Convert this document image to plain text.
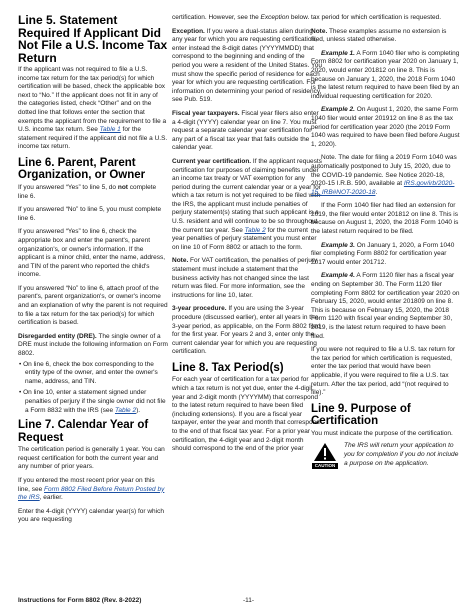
Line 5. Statement Required If Applicant Did Not File a U.S. Income Tax Return

If the applicant was not required to file a U.S. income tax return for the tax period(s) for which certification will be based, check the applicable box next to “No.” If the applicant does not fit in any of the categories listed, check “Other” and on the dotted line that follows enter the section that exempts the applicant from the requirement to file a U.S. income tax return. See Table 1 for the statement required if the applicant did not file a U.S. income tax return.

Line 6. Parent, Parent Organization, or Owner

If you answered “Yes” to line 5, do not complete line 6.

If you answered “No” to line 5, you must complete line 6.

If you answered “Yes” to line 6, check the appropriate box and enter the parent's, parent organization's, or owner's information. If the applicant is a minor child, enter the name, address, and TIN of the parent who reported the child's income.

If you answered “No” to line 6, attach proof of the parent's, parent organization's, or owner's income and an explanation of why the parent is not required to file a tax return for the tax period(s) for which certification is based.

Disregarded entity (DRE). The single owner of a DRE must include the following information on Form 8802.

• On line 6, check the box corresponding to the entity type of the owner, and enter the owner's name, address, and TIN.

• On line 10, enter a statement signed under penalties of perjury if the single owner did not file a Form 8832 with the IRS (see Table 2).

Line 7. Calendar Year of Request

The certification period is generally 1 year. You can request certification for both the current year and any number of prior years.

If you entered the most recent prior year on this line, see Form 8802 Filed Before Return Posted by the IRS, earlier.

Enter the 4-digit (YYYY) calendar year(s) for which you are requesting

certification. However, see the Exception below.

Exception. If you were a dual-status alien during any year for which you are requesting certification, enter instead the 8-digit dates (YYYYMMDD) that correspond to the beginning and ending of the period you were a resident of the United States. You must show the specific period of residence for each year for which you are requesting certification. For information on determining your period of residency, see Pub. 519.

Fiscal year taxpayers. Fiscal year filers also enter a 4-digit (YYYY) calendar year on line 7. You must request a separate calendar year certification for any part of a fiscal tax year that falls outside the calendar year.

Current year certification. If the applicant requests certification for purposes of claiming benefits under an income tax treaty or VAT exemption for any period during the current calendar year or a year for which a tax return is not yet required to be filed with the IRS, the applicant must include penalties of perjury statement(s) stating that such applicant is a U.S. resident and will continue to be so throughout the current tax year. See Table 2 for the current year penalties of perjury statement you must enter on line 10 of Form 8802 or attach to the form.

Note. For VAT certification, the penalties of perjury statement must include a statement that the business activity has not changed since the last return was filed. For more information, see the instructions for line 10, later.

3-year procedure. If you are using the 3-year procedure (discussed earlier), enter all years in the 3-year period, as applicable, on the Form 8802 filed for the first year. For years 2 and 3, enter only the current calendar year for which you are requesting certification.

Line 8. Tax Period(s)

For each year of certification for a tax period for which a tax return is not yet due, enter the 4-digit year and 2-digit month (YYYYMM) that correspond to the latest return required to have been filed (including extensions). If you are a fiscal year taxpayer, enter the year and month that correspond to the end of that fiscal tax year. For a prior year certification, the 4-digit year and 2-digit month should correspond to the end of the prior year

tax period for which certification is requested.

Note. These examples assume no extension is filed, unless stated otherwise.

Example 1. A Form 1040 filer who is completing Form 8802 for certification year 2020 on January 1, 2020, would enter 201812 on line 8. This is because on January 1, 2020, the 2018 Form 1040 is the latest return required to have been filed by an individual requesting certification for 2020.

Example 2. On August 1, 2020, the same Form 1040 filer would enter 201912 on line 8 as the tax period for certification year 2020 (the 2019 Form 1040 was required to have been filed before August 1, 2020).

Note. The date for filing a 2019 Form 1040 was automatically postponed to July 15, 2020, due to the COVID-19 pandemic. See Notice 2020-18, 2020-15 I.R.B. 590, available at IRS.gov/irb/2020-15_IRB#NOT-2020-18.

If the Form 1040 filer had filed an extension for 2019, the filer would enter 201812 on line 8. This is because on August 1, 2020, the 2018 Form 1040 is the latest return required to be filed.

Example 3. On January 1, 2020, a Form 1040 filer completing Form 8802 for certification year 2017 would enter 201712.

Example 4. A Form 1120 filer has a fiscal year ending on September 30. The Form 1120 filer completing Form 8802 for certification year 2020 on February 15, 2020, would enter 201809 on line 8. This is because on February 15, 2020, the 2018 Form 1120 with fiscal year ending September 30, 2019, is the latest return required to have been filed.

If you were not required to file a U.S. tax return for the tax period for which certification is requested, enter the tax period that would have been applicable, if you were required to file a U.S. tax return. After the tax period, add “(not required to file).”

Line 9. Purpose of Certification

You must indicate the purpose of the certification.

CAUTION
The IRS will return your application to you for completion if you do not include a purpose on the application.
Instructions for Form 8802 (Rev. 8-2022)	-11-
